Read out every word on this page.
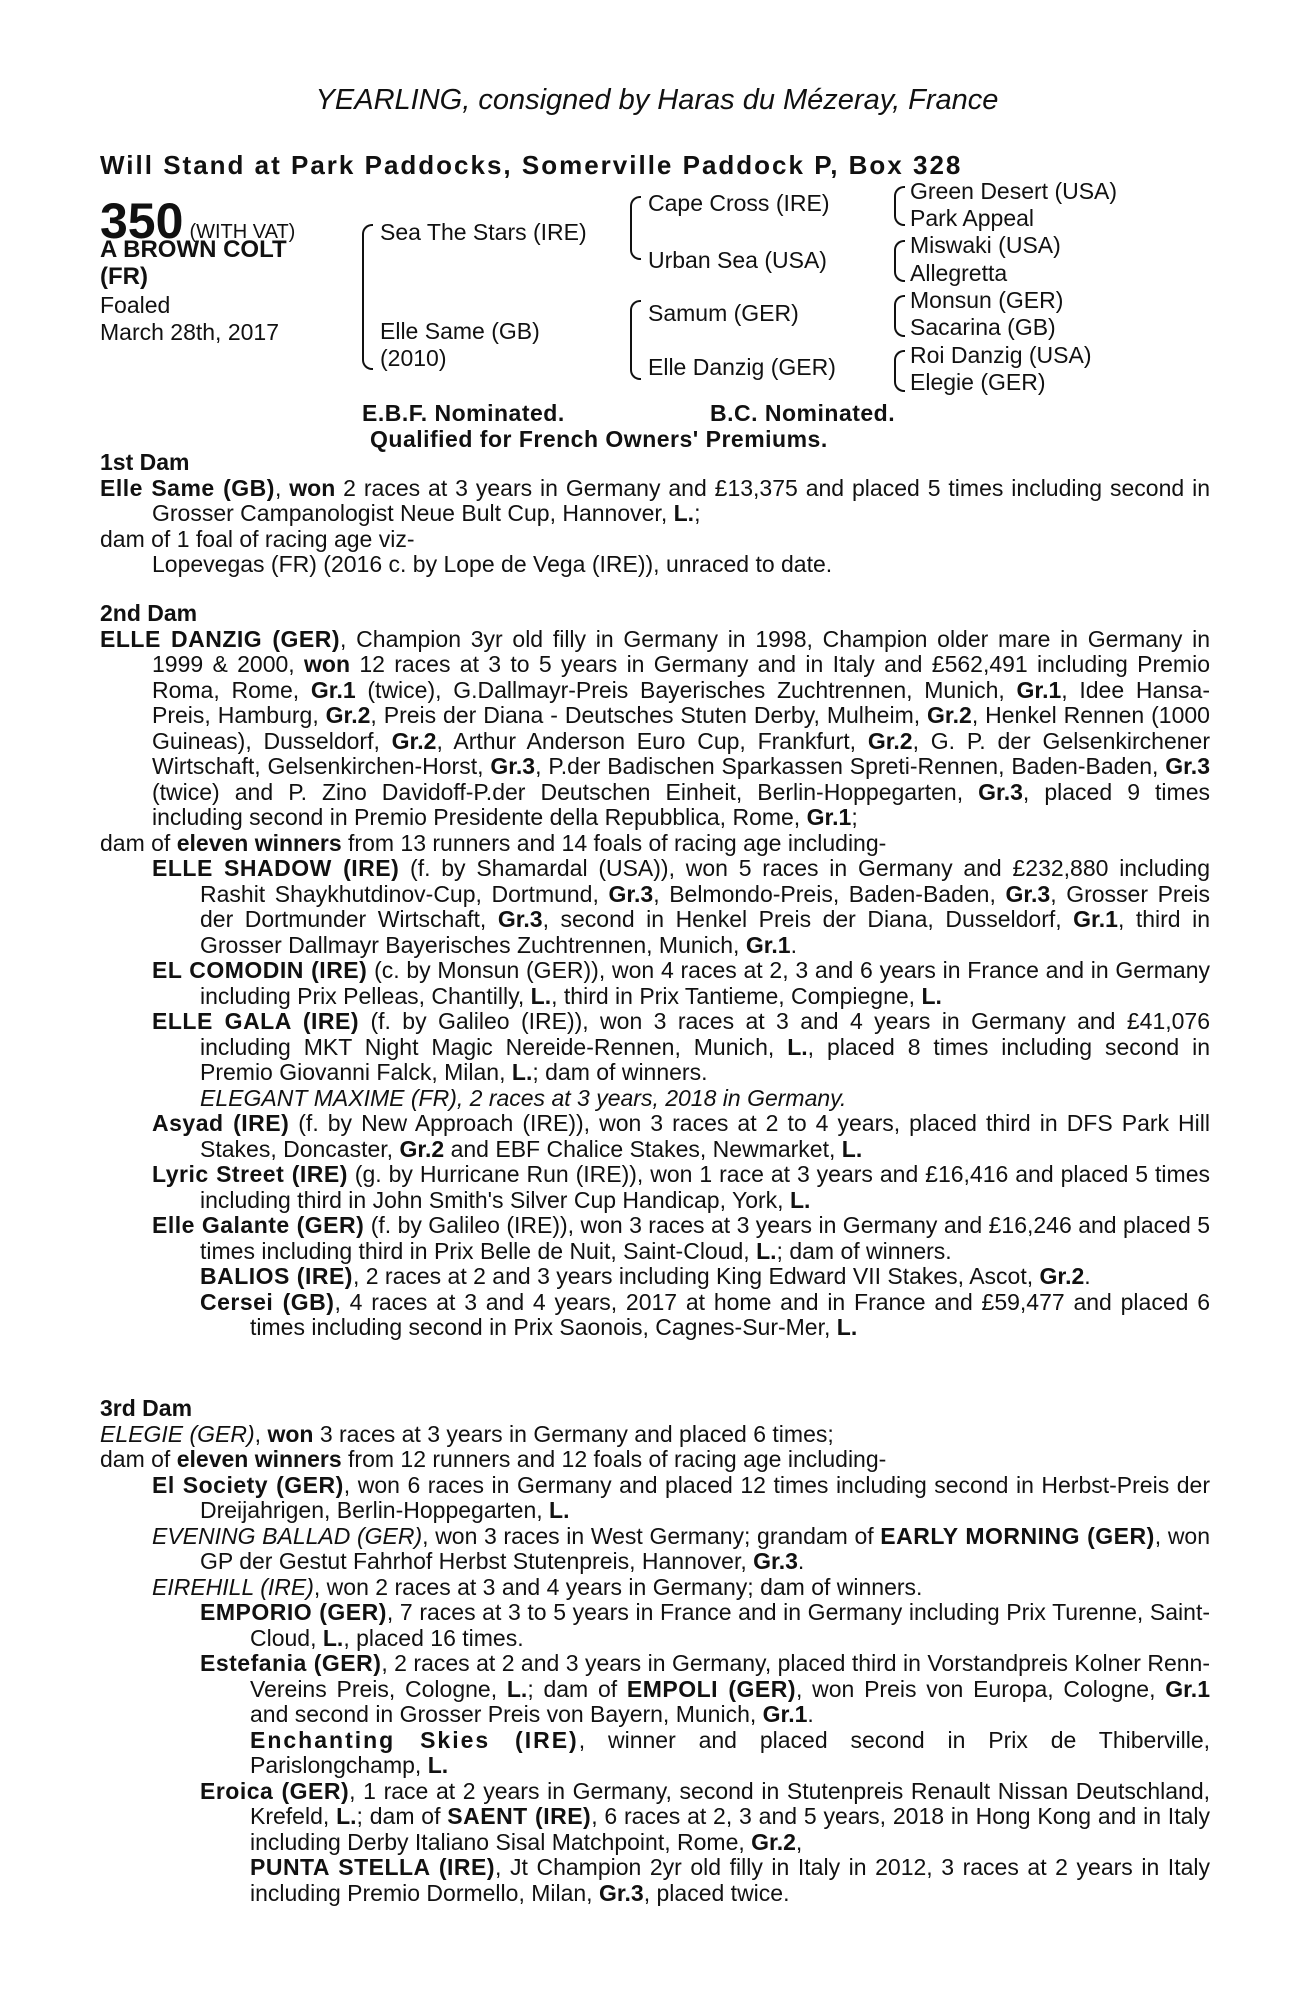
YEARLING, consigned by Haras du Mézeray, France
Will Stand at Park Paddocks, Somerville Paddock P, Box 328
350 (WITH VAT)
A BROWN COLT
(FR)
Foaled
March 28th, 2017
Sea The Stars (IRE)
Elle Same (GB)
(2010)
Cape Cross (IRE)
Urban Sea (USA)
Samum (GER)
Elle Danzig (GER)
Green Desert (USA)
Park Appeal
Miswaki (USA)
Allegretta
Monsun (GER)
Sacarina (GB)
Roi Danzig (USA)
Elegie (GER)
E.B.F. Nominated.	B.C. Nominated.
Qualified for French Owners' Premiums.
1st Dam

Elle Same (GB), won 2 races at 3 years in Germany and £13,375 and placed 5 times including second in Grosser Campanologist Neue Bult Cup, Hannover, L.;

dam of 1 foal of racing age viz-
Lopevegas (FR) (2016 c. by Lope de Vega (IRE)), unraced to date.
2nd Dam

ELLE DANZIG (GER), Champion 3yr old filly in Germany in 1998, Champion older mare in Germany in 1999 & 2000, won 12 races at 3 to 5 years in Germany and in Italy and £562,491 including Premio Roma, Rome, Gr.1 (twice), G.Dallmayr-Preis Bayerisches Zuchtrennen, Munich, Gr.1, Idee Hansa-Preis, Hamburg, Gr.2, Preis der Diana - Deutsches Stuten Derby, Mulheim, Gr.2, Henkel Rennen (1000 Guineas), Dusseldorf, Gr.2, Arthur Anderson Euro Cup, Frankfurt, Gr.2, G. P. der Gelsenkirchener Wirtschaft, Gelsenkirchen-Horst, Gr.3, P.der Badischen Sparkassen Spreti-Rennen, Baden-Baden, Gr.3 (twice) and P. Zino Davidoff-P.der Deutschen Einheit, Berlin-Hoppegarten, Gr.3, placed 9 times including second in Premio Presidente della Repubblica, Rome, Gr.1;

dam of eleven winners from 13 runners and 14 foals of racing age including-

ELLE SHADOW (IRE) (f. by Shamardal (USA)), won 5 races in Germany and £232,880 including Rashit Shaykhutdinov-Cup, Dortmund, Gr.3, Belmondo-Preis, Baden-Baden, Gr.3, Grosser Preis der Dortmunder Wirtschaft, Gr.3, second in Henkel Preis der Diana, Dusseldorf, Gr.1, third in Grosser Dallmayr Bayerisches Zuchtrennen, Munich, Gr.1.

EL COMODIN (IRE) (c. by Monsun (GER)), won 4 races at 2, 3 and 6 years in France and in Germany including Prix Pelleas, Chantilly, L., third in Prix Tantieme, Compiegne, L.

ELLE GALA (IRE) (f. by Galileo (IRE)), won 3 races at 3 and 4 years in Germany and £41,076 including MKT Night Magic Nereide-Rennen, Munich, L., placed 8 times including second in Premio Giovanni Falck, Milan, L.; dam of winners.

ELEGANT MAXIME (FR), 2 races at 3 years, 2018 in Germany.

Asyad (IRE) (f. by New Approach (IRE)), won 3 races at 2 to 4 years, placed third in DFS Park Hill Stakes, Doncaster, Gr.2 and EBF Chalice Stakes, Newmarket, L.

Lyric Street (IRE) (g. by Hurricane Run (IRE)), won 1 race at 3 years and £16,416 and placed 5 times including third in John Smith's Silver Cup Handicap, York, L.

Elle Galante (GER) (f. by Galileo (IRE)), won 3 races at 3 years in Germany and £16,246 and placed 5 times including third in Prix Belle de Nuit, Saint-Cloud, L.; dam of winners.

BALIOS (IRE), 2 races at 2 and 3 years including King Edward VII Stakes, Ascot, Gr.2.

Cersei (GB), 4 races at 3 and 4 years, 2017 at home and in France and £59,477 and placed 6 times including second in Prix Saonois, Cagnes-Sur-Mer, L.

3rd Dam

ELEGIE (GER), won 3 races at 3 years in Germany and placed 6 times;

dam of eleven winners from 12 runners and 12 foals of racing age including-

El Society (GER), won 6 races in Germany and placed 12 times including second in Herbst-Preis der Dreijahrigen, Berlin-Hoppegarten, L.

EVENING BALLAD (GER), won 3 races in West Germany; grandam of EARLY MORNING (GER), won GP der Gestut Fahrhof Herbst Stutenpreis, Hannover, Gr.3.

EIREHILL (IRE), won 2 races at 3 and 4 years in Germany; dam of winners.

EMPORIO (GER), 7 races at 3 to 5 years in France and in Germany including Prix Turenne, Saint-Cloud, L., placed 16 times.

Estefania (GER), 2 races at 2 and 3 years in Germany, placed third in Vorstandpreis Kolner Renn-Vereins Preis, Cologne, L.; dam of EMPOLI (GER), won Preis von Europa, Cologne, Gr.1 and second in Grosser Preis von Bayern, Munich, Gr.1.
Enchanting Skies (IRE), winner and placed second in Prix de Thiberville, Parislongchamp, L.

Eroica (GER), 1 race at 2 years in Germany, second in Stutenpreis Renault Nissan Deutschland, Krefeld, L.; dam of SAENT (IRE), 6 races at 2, 3 and 5 years, 2018 in Hong Kong and in Italy including Derby Italiano Sisal Matchpoint, Rome, Gr.2,
PUNTA STELLA (IRE), Jt Champion 2yr old filly in Italy in 2012, 3 races at 2 years in Italy including Premio Dormello, Milan, Gr.3, placed twice.
